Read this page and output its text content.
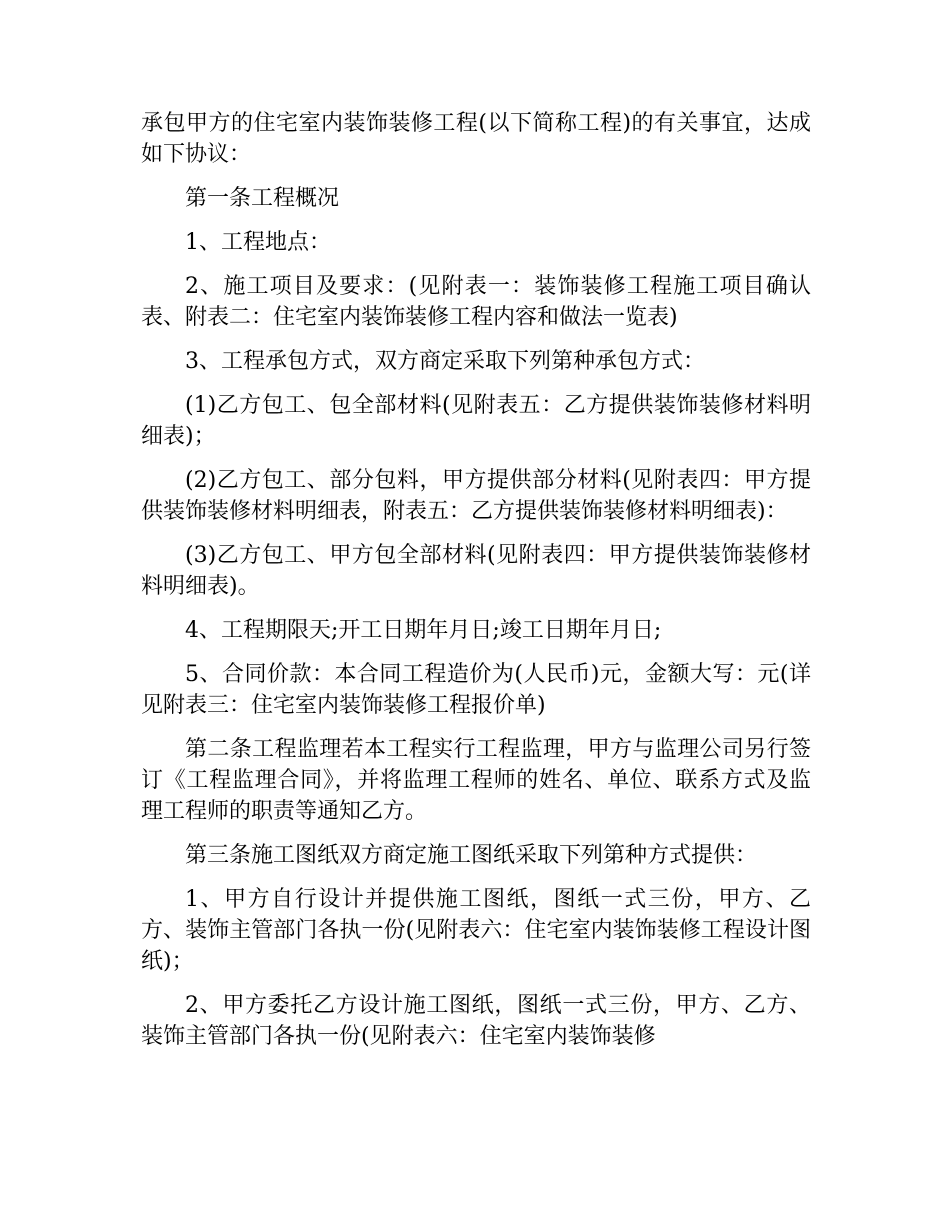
承包甲方的住宅室内装饰装修工程(以下简称工程)的有关事宜，达成如下协议：

第一条工程概况

1、工程地点：

2、施工项目及要求：(见附表一：装饰装修工程施工项目确认表、附表二：住宅室内装饰装修工程内容和做法一览表)

3、工程承包方式，双方商定采取下列第种承包方式：

(1)乙方包工、包全部材料(见附表五：乙方提供装饰装修材料明细表)；

(2)乙方包工、部分包料，甲方提供部分材料(见附表四：甲方提供装饰装修材料明细表，附表五：乙方提供装饰装修材料明细表)：

(3)乙方包工、甲方包全部材料(见附表四：甲方提供装饰装修材料明细表)。

4、工程期限天;开工日期年月日;竣工日期年月日;

5、合同价款：本合同工程造价为(人民币)元，金额大写：元(详见附表三：住宅室内装饰装修工程报价单)

第二条工程监理若本工程实行工程监理，甲方与监理公司另行签订《工程监理合同》，并将监理工程师的姓名、单位、联系方式及监理工程师的职责等通知乙方。

第三条施工图纸双方商定施工图纸采取下列第种方式提供：

1、甲方自行设计并提供施工图纸，图纸一式三份，甲方、乙方、装饰主管部门各执一份(见附表六：住宅室内装饰装修工程设计图纸)；

2、甲方委托乙方设计施工图纸，图纸一式三份，甲方、乙方、装饰主管部门各执一份(见附表六：住宅室内装饰装修
